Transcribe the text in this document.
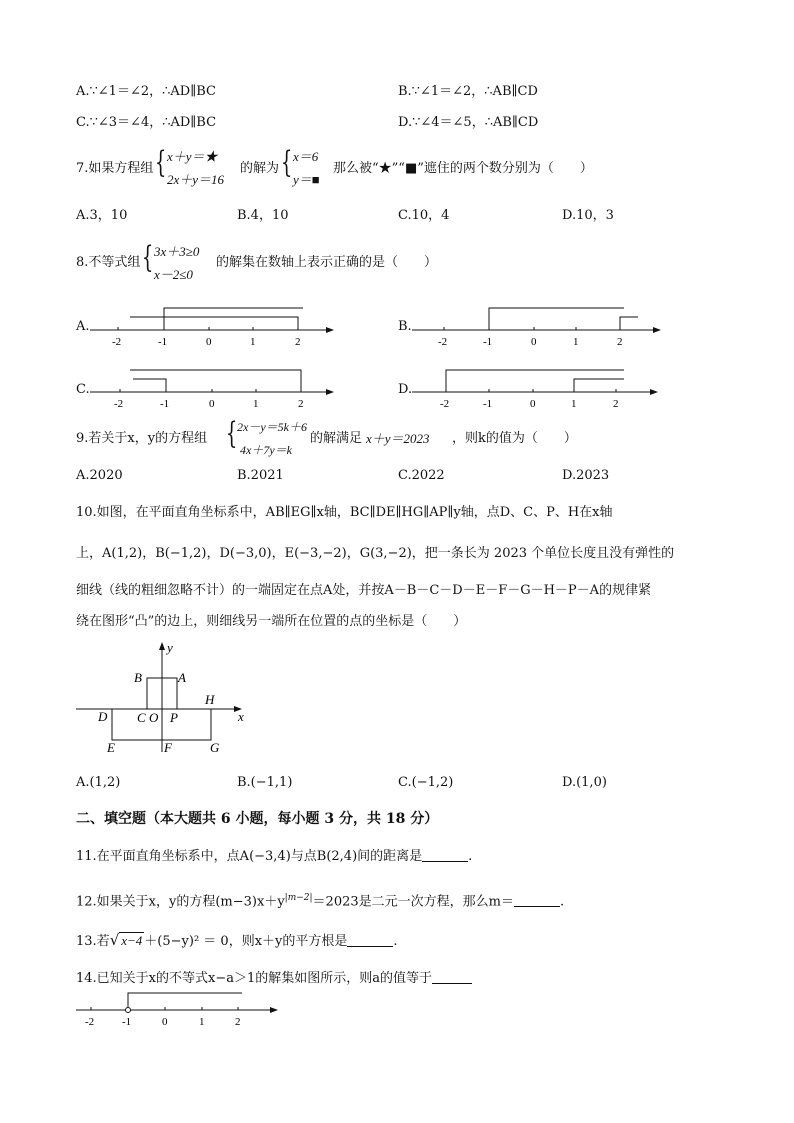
A.∵∠1＝∠2，∴AD∥BC	B.∵∠1＝∠2，∴AB∥CD
C.∵∠3＝∠4，∴AD∥BC	D.∵∠4＝∠5，∴AB∥CD
7.如果方程组 { x＋y＝★
2x＋y＝16
的解为 { x＝6
y＝■
那么被“★”“■”遮住的两个数分别为（　　）
A.3，10	B.4，10	C.10，4	D.10，3
8.不等式组 { 3x＋3≥0
x－2≤0
的解集在数轴上表示正确的是（　　）
A.
-2	-1	0	1	2
B.
-2	-1	0	1	2
C.
-2	-1	0	1	2
D.
-2	-1	0	1	2
9.若关于x，y的方程组 { 2x－y＝5k＋6
4x＋7y＝k
的解满足 x＋y＝2023 ，则k的值为（　　）
A.2020	B.2021	C.2022	D.2023
10.如图，在平面直角坐标系中，AB∥EG∥x轴，BC∥DE∥HG∥AP∥y轴，点D、C、P、H在x轴
上，A(1,2)，B(−1,2)，D(−3,0)，E(−3,−2)，G(3,−2)，把一条长为 2023 个单位长度且没有弹性的
细线（线的粗细忽略不计）的一端固定在点A处，并按A－B－C－D－E－F－G－H－P－A的规律紧
绕在图形“凸”的边上，则细线另一端所在位置的点的坐标是（　　）
y
x
B	A
H
D C O P
E	F	G
A.(1,2)	B.(−1,1)	C.(−1,2)	D.(1,0)
二、填空题（本大题共 6 小题，每小题 3 分，共 18 分）
11.在平面直角坐标系中，点A(−3,4)与点B(2,4)间的距离是	.
12.如果关于x，y的方程$(m-3)x+y^{|m-2|}=2023$是二元一次方程，那么m＝	.
13.若√ x−4 ＋(5−y)² ＝ 0，则x＋y的平方根是	.
14.已知关于x的不等式x−a＞1的解集如图所示，则a的值等于
-2	-1	0	1	2
